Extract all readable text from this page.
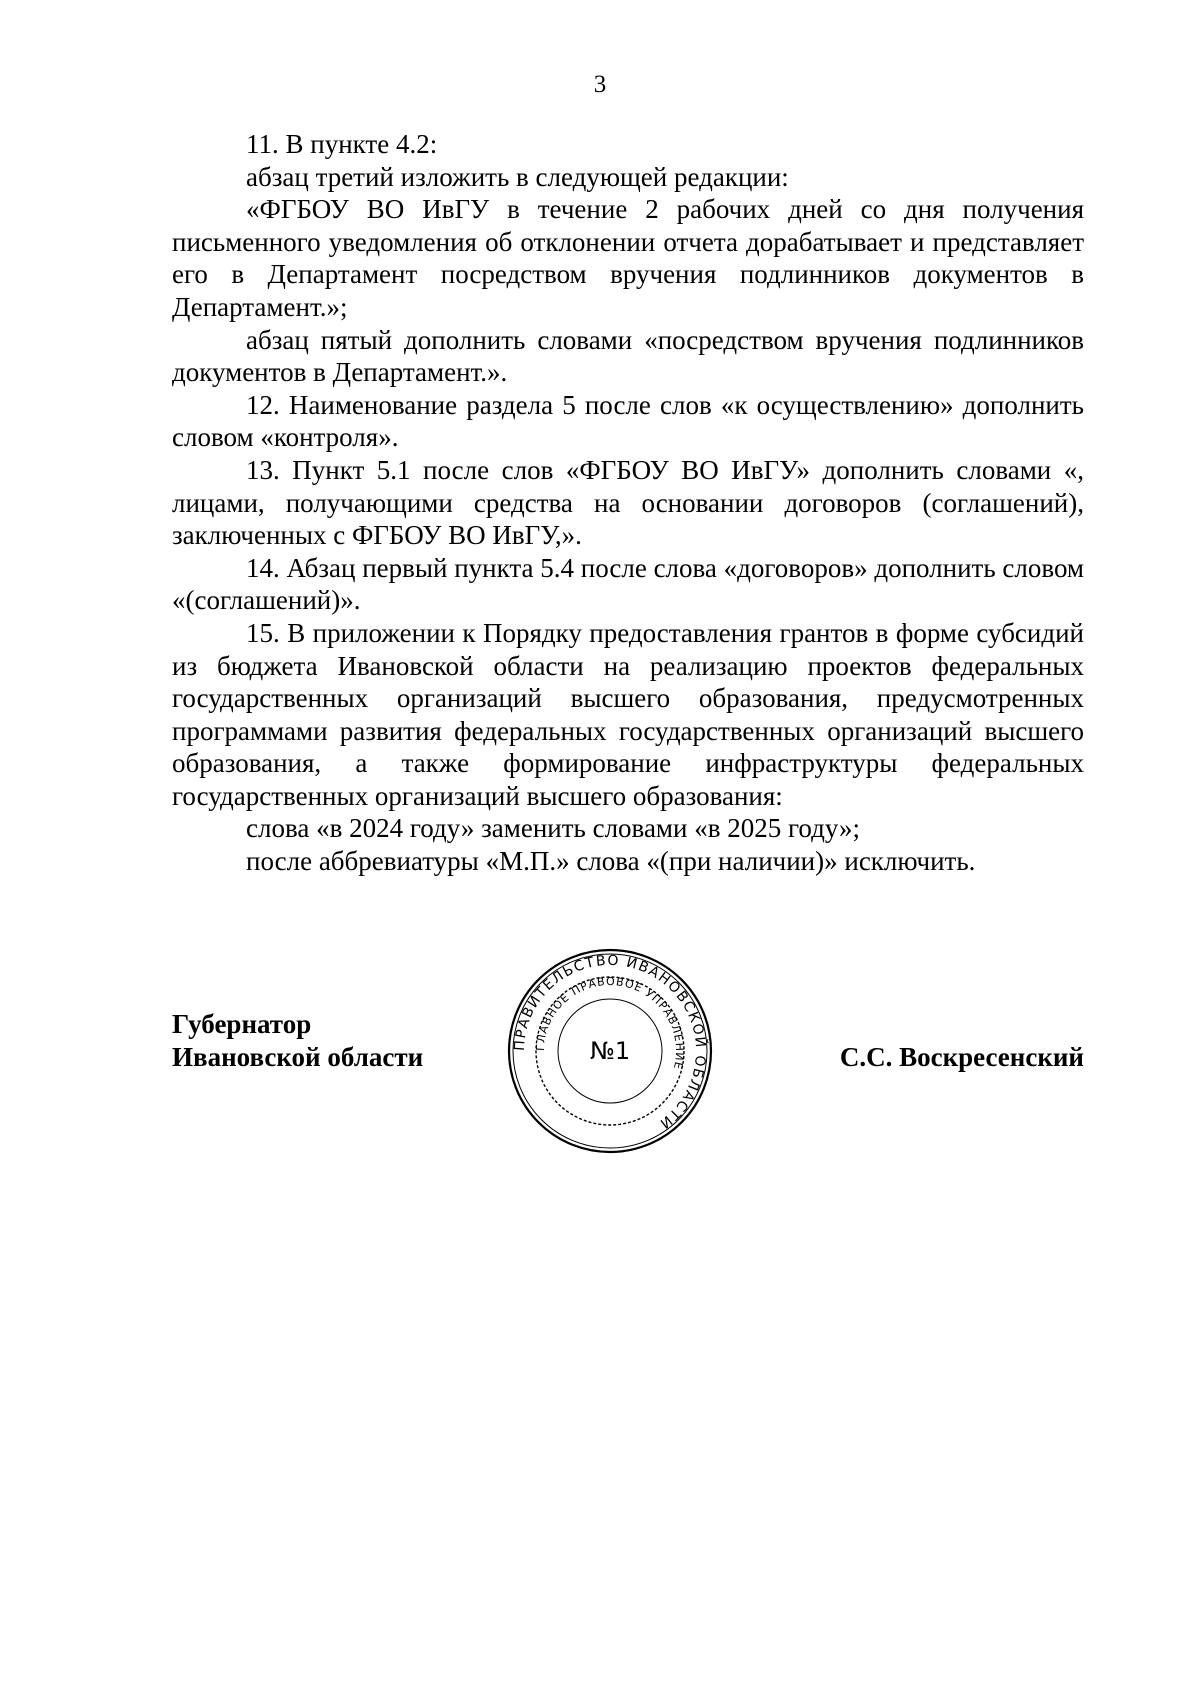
3

11. В пункте 4.2:

абзац третий изложить в следующей редакции:

«ФГБОУ ВО ИвГУ в течение 2 рабочих дней со дня получения письменного уведомления об отклонении отчета дорабатывает и представляет его в Департамент посредством вручения подлинников документов в Департамент.»;

абзац пятый дополнить словами «посредством вручения подлинников документов в Департамент.».

12. Наименование раздела 5 после слов «к осуществлению» дополнить словом «контроля».

13. Пункт 5.1 после слов «ФГБОУ ВО ИвГУ» дополнить словами «, лицами, получающими средства на основании договоров (соглашений), заключенных с ФГБОУ ВО ИвГУ,».

14. Абзац первый пункта 5.4 после слова «договоров» дополнить словом «(соглашений)».

15. В приложении к Порядку предоставления грантов в форме субсидий из бюджета Ивановской области на реализацию проектов федеральных государственных организаций высшего образования, предусмотренных программами развития федеральных государственных организаций высшего образования, а также формирование инфраструктуры федеральных государственных организаций высшего образования:

слова «в 2024 году» заменить словами «в 2025 году»;

после аббревиатуры «М.П.» слова «(при наличии)» исключить.

Губернатор
Ивановской области	С.С. Воскресенский
ПРАВИТЕЛЬСТВО ИВАНОВСКОЙ ОБЛАСТИ
ГЛАВНОЕ ПРАВОВОЕ УПРАВЛЕНИЕ
№1
